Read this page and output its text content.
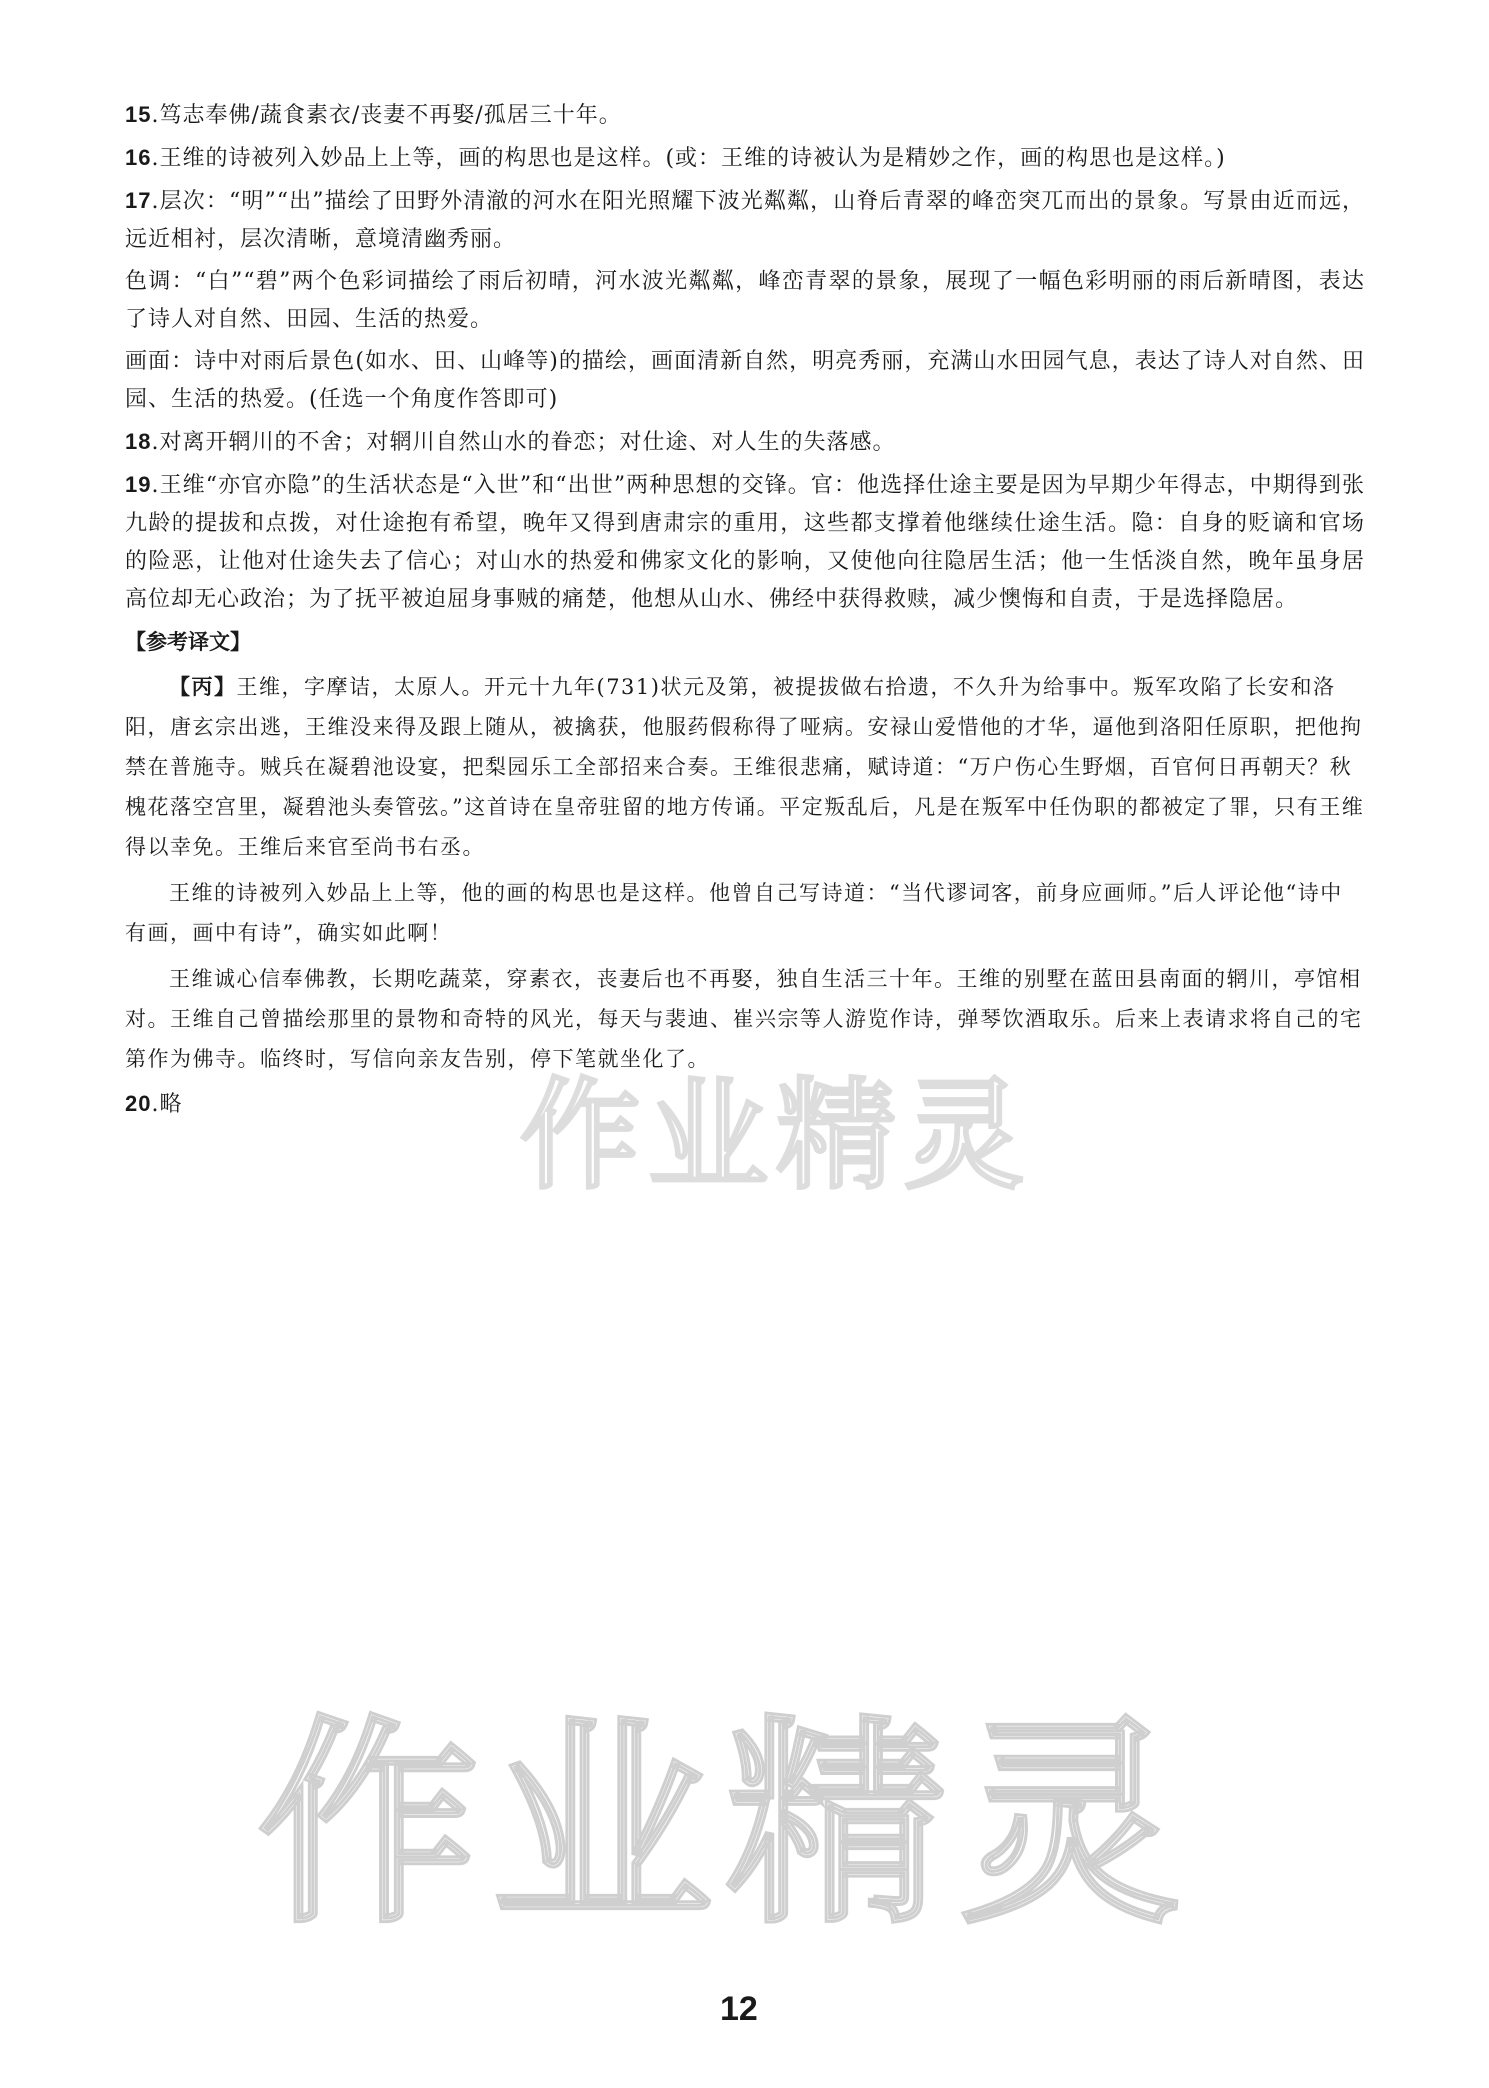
15.笃志奉佛/蔬食素衣/丧妻不再娶/孤居三十年。

16.王维的诗被列入妙品上上等，画的构思也是这样。(或：王维的诗被认为是精妙之作，画的构思也是这样。)

17.层次：“明”“出”描绘了田野外清澈的河水在阳光照耀下波光粼粼，山脊后青翠的峰峦突兀而出的景象。写景由近而远，远近相衬，层次清晰，意境清幽秀丽。

色调：“白”“碧”两个色彩词描绘了雨后初晴，河水波光粼粼，峰峦青翠的景象，展现了一幅色彩明丽的雨后新晴图，表达了诗人对自然、田园、生活的热爱。

画面：诗中对雨后景色(如水、田、山峰等)的描绘，画面清新自然，明亮秀丽，充满山水田园气息，表达了诗人对自然、田园、生活的热爱。(任选一个角度作答即可)

18.对离开辋川的不舍；对辋川自然山水的眷恋；对仕途、对人生的失落感。

19.王维“亦官亦隐”的生活状态是“入世”和“出世”两种思想的交锋。官：他选择仕途主要是因为早期少年得志，中期得到张九龄的提拔和点拨，对仕途抱有希望，晚年又得到唐肃宗的重用，这些都支撑着他继续仕途生活。隐：自身的贬谪和官场的险恶，让他对仕途失去了信心；对山水的热爱和佛家文化的影响，又使他向往隐居生活；他一生恬淡自然，晚年虽身居高位却无心政治；为了抚平被迫屈身事贼的痛楚，他想从山水、佛经中获得救赎，减少懊悔和自责，于是选择隐居。

【参考译文】

【丙】王维，字摩诘，太原人。开元十九年(731)状元及第，被提拔做右拾遗，不久升为给事中。叛军攻陷了长安和洛阳，唐玄宗出逃，王维没来得及跟上随从，被擒获，他服药假称得了哑病。安禄山爱惜他的才华，逼他到洛阳任原职，把他拘禁在普施寺。贼兵在凝碧池设宴，把梨园乐工全部招来合奏。王维很悲痛，赋诗道：“万户伤心生野烟，百官何日再朝天？秋槐花落空宫里，凝碧池头奏管弦。”这首诗在皇帝驻留的地方传诵。平定叛乱后，凡是在叛军中任伪职的都被定了罪，只有王维得以幸免。王维后来官至尚书右丞。

王维的诗被列入妙品上上等，他的画的构思也是这样。他曾自己写诗道：“当代谬词客，前身应画师。”后人评论他“诗中有画，画中有诗”，确实如此啊！

王维诚心信奉佛教，长期吃蔬菜，穿素衣，丧妻后也不再娶，独自生活三十年。王维的别墅在蓝田县南面的辋川，亭馆相对。王维自己曾描绘那里的景物和奇特的风光，每天与裴迪、崔兴宗等人游览作诗，弹琴饮酒取乐。后来上表请求将自己的宅第作为佛寺。临终时，写信向亲友告别，停下笔就坐化了。

20.略	作业精灵
作业精灵
12
